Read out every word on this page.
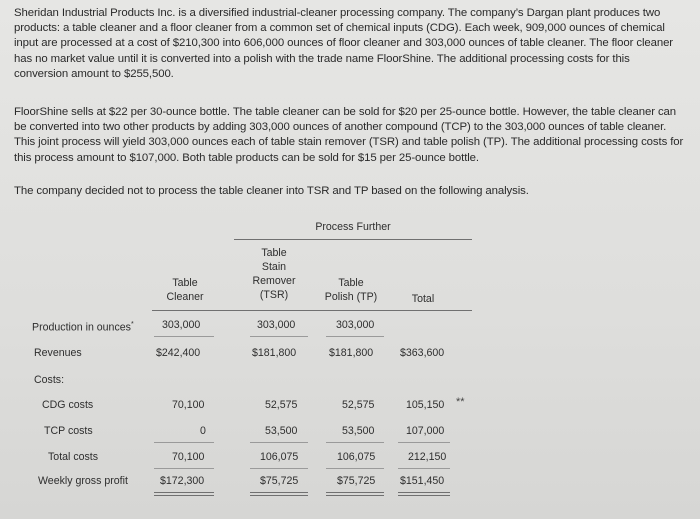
Sheridan Industrial Products Inc. is a diversified industrial-cleaner processing company. The company’s Dargan plant produces two products: a table cleaner and a floor cleaner from a common set of chemical inputs (CDG). Each week, 909,000 ounces of chemical input are processed at a cost of $210,300 into 606,000 ounces of floor cleaner and 303,000 ounces of table cleaner. The floor cleaner has no market value until it is converted into a polish with the trade name FloorShine. The additional processing costs for this conversion amount to $255,500.
FloorShine sells at $22 per 30-ounce bottle. The table cleaner can be sold for $20 per 25-ounce bottle. However, the table cleaner can be converted into two other products by adding 303,000 ounces of another compound (TCP) to the 303,000 ounces of table cleaner. This joint process will yield 303,000 ounces each of table stain remover (TSR) and table polish (TP). The additional processing costs for this process amount to $107,000. Both table products can be sold for $15 per 25-ounce bottle.
The company decided not to process the table cleaner into TSR and TP based on the following analysis.
Process Further
Table
Cleaner
Table
Stain
Remover
(TSR)
Table
Polish (TP)	Total
Production in ounces*	303,000	303,000	303,000
Revenues	$242,400	$181,800	$181,800	$363,600
Costs:
CDG costs	70,100	52,575	52,575	105,150 **
TCP costs	0	53,500	53,500	107,000
Total costs	70,100	106,075	106,075	212,150
Weekly gross profit	$172,300	$75,725	$75,725 $151,450
